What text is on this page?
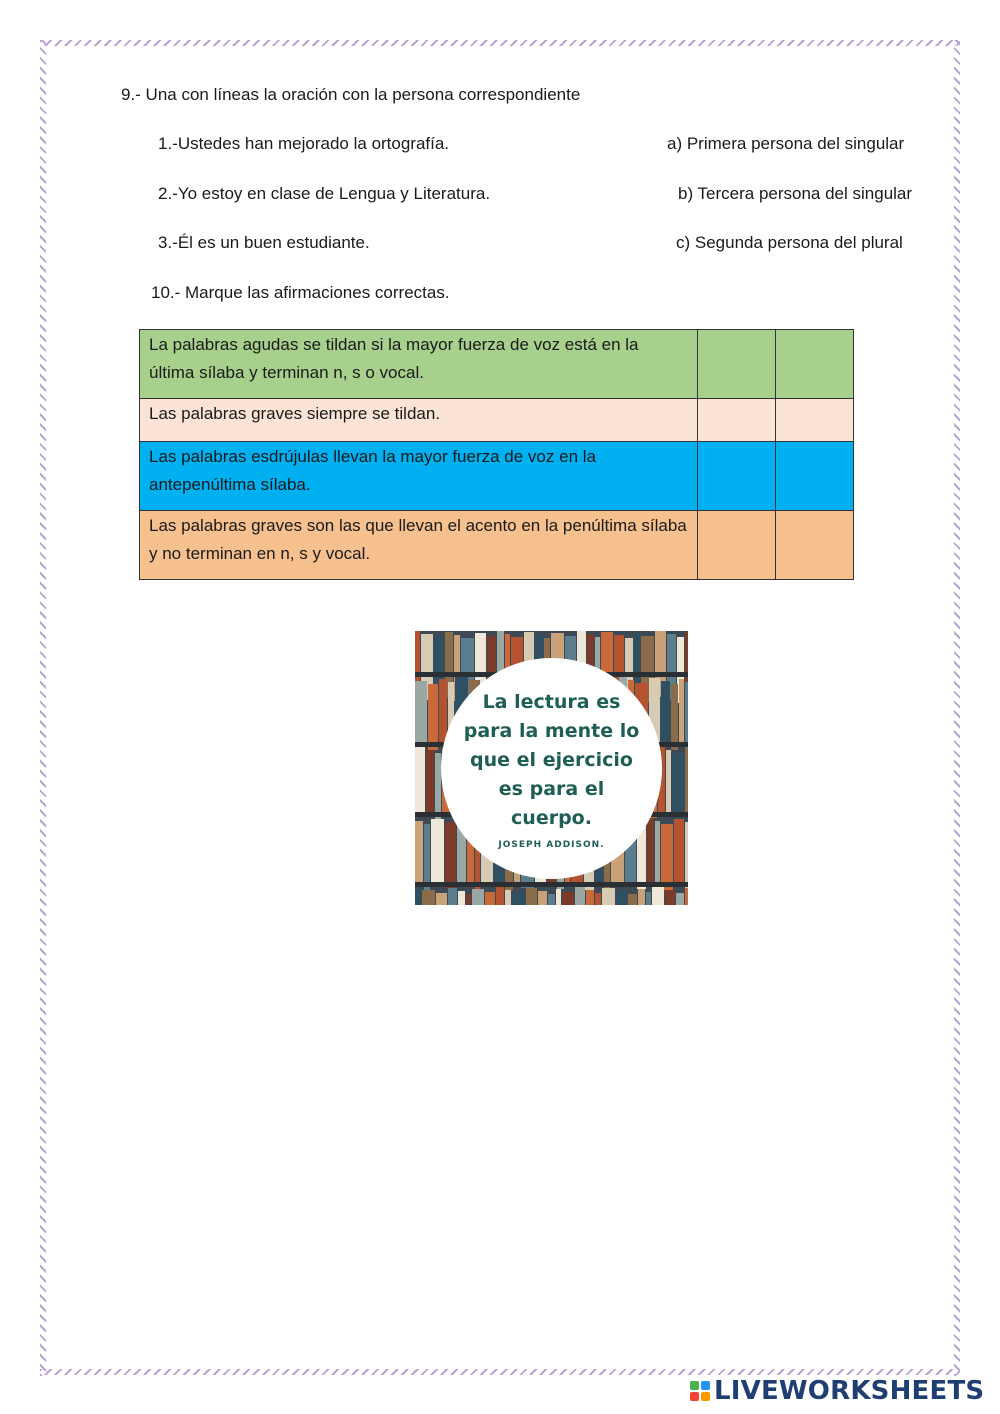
9.- Una con líneas la oración con la persona correspondiente
1.-Ustedes han mejorado la ortografía.
2.-Yo estoy en clase de Lengua y Literatura.
3.-Él es un buen estudiante.
a) Primera persona del singular
b) Tercera persona del singular
c) Segunda persona del plural
10.- Marque las afirmaciones correctas.
La palabras agudas se tildan si la mayor fuerza de voz está en la última sílaba y terminan n, s o vocal.		
Las palabras graves siempre se tildan.		
Las palabras esdrújulas llevan la mayor fuerza de voz en la antepenúltima sílaba.		
Las palabras graves son las que llevan el acento en la penúltima sílaba y no terminan en n, s y vocal.		
La lectura es
para la mente lo
que el ejercicio
es para el
cuerpo.
JOSEPH ADDISON.
LIVEWORKSHEETS
